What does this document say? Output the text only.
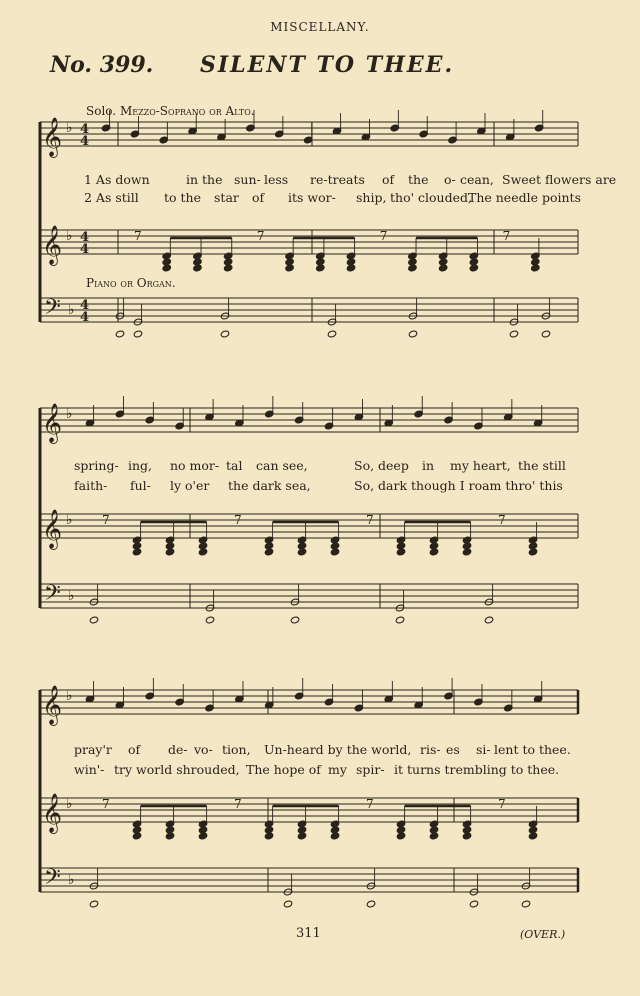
MISCELLANY.
No. 399. SILENT TO THEE.
Solo. Mezzo-Soprano or Alto.
Piano or Organ.
𝄞 ♭ 4
4
𝄞 ♭ 4
4
𝄢 ♭ 4
4
7	7	7	7
𝄞 ♭
𝄞 ♭
𝄢 ♭
7	7	7	7
𝄞 ♭
𝄞 ♭
𝄢 ♭
7	7	7	7
1 As down	in the sun- less re-treats of the o- cean, Sweet flowers are
2 As still to the star of its wor- ship, tho' clouded,
The needle points
spring- ing, no mor- tal can see,	So, deep in my heart, the still
faith- ful- ly o'er the dark sea,	So, dark though I roam thro' this
pray'r of de- vo- tion, Un-heard by the world, ris- es si- lent to thee.
win'- try world shrouded, The hope of my spir- it turns trembling to thee.
311	(OVER.)
